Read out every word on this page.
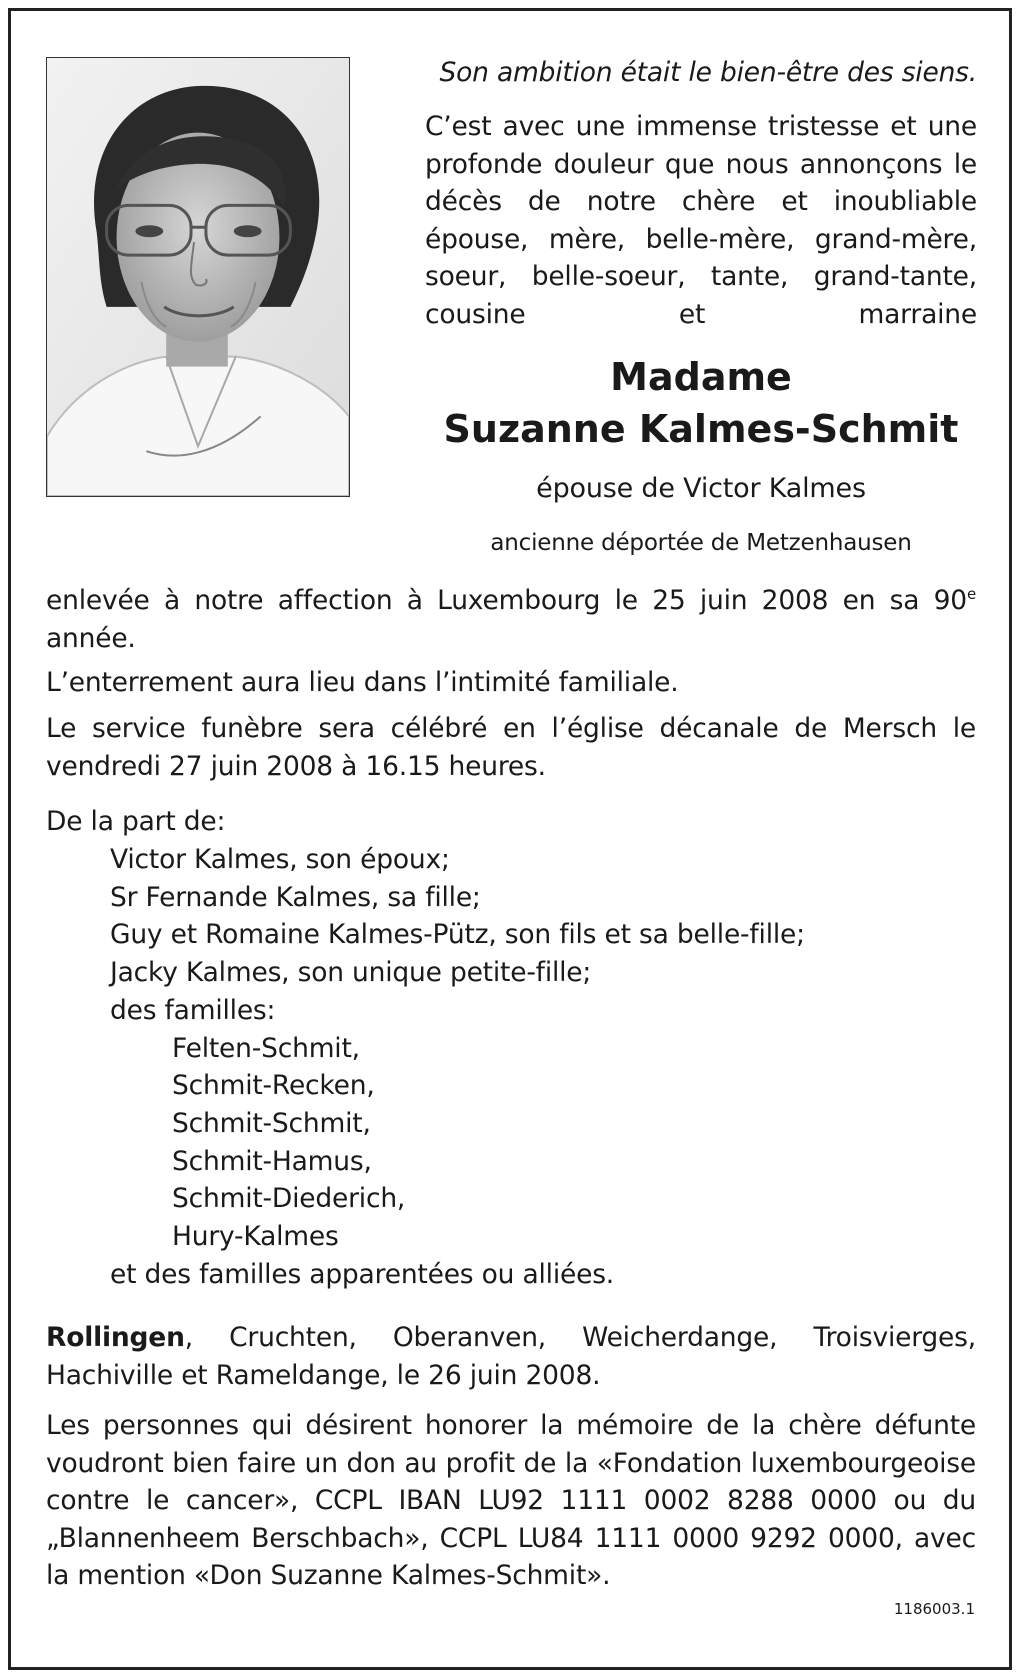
Son ambition était le bien-être des siens.

C’est avec une immense tristesse et une profonde douleur que nous annonçons le décès de notre chère et inoubliable épouse, mère, belle-mère, grand-mère, soeur, belle-soeur, tante, grand-tante, cousine et marraine

Madame

Suzanne Kalmes-Schmit

épouse de Victor Kalmes

ancienne déportée de Metzenhausen

enlevée à notre affection à Luxembourg le 25 juin 2008 en sa 90e année.

L’enterrement aura lieu dans l’intimité familiale.

Le service funèbre sera célébré en l’église décanale de Mersch le vendredi 27 juin 2008 à 16.15 heures.

De la part de:

Victor Kalmes, son époux;
Sr Fernande Kalmes, sa fille;
Guy et Romaine Kalmes-Pütz, son fils et sa belle-fille;
Jacky Kalmes, son unique petite-fille;
des familles:
Felten-Schmit,
Schmit-Recken,
Schmit-Schmit,
Schmit-Hamus,
Schmit-Diederich,
Hury-Kalmes
et des familles apparentées ou alliées.

Rollingen, Cruchten, Oberanven, Weicherdange, Troisvierges, Hachiville et Rameldange, le 26 juin 2008.

Les personnes qui désirent honorer la mémoire de la chère défunte voudront bien faire un don au profit de la «Fondation luxembourgeoise contre le cancer», CCPL IBAN LU92 1111 0002 8288 0000 ou du „Blannenheem Berschbach», CCPL LU84 1111 0000 9292 0000, avec la mention «Don Suzanne Kalmes-Schmit».

1186003.1
